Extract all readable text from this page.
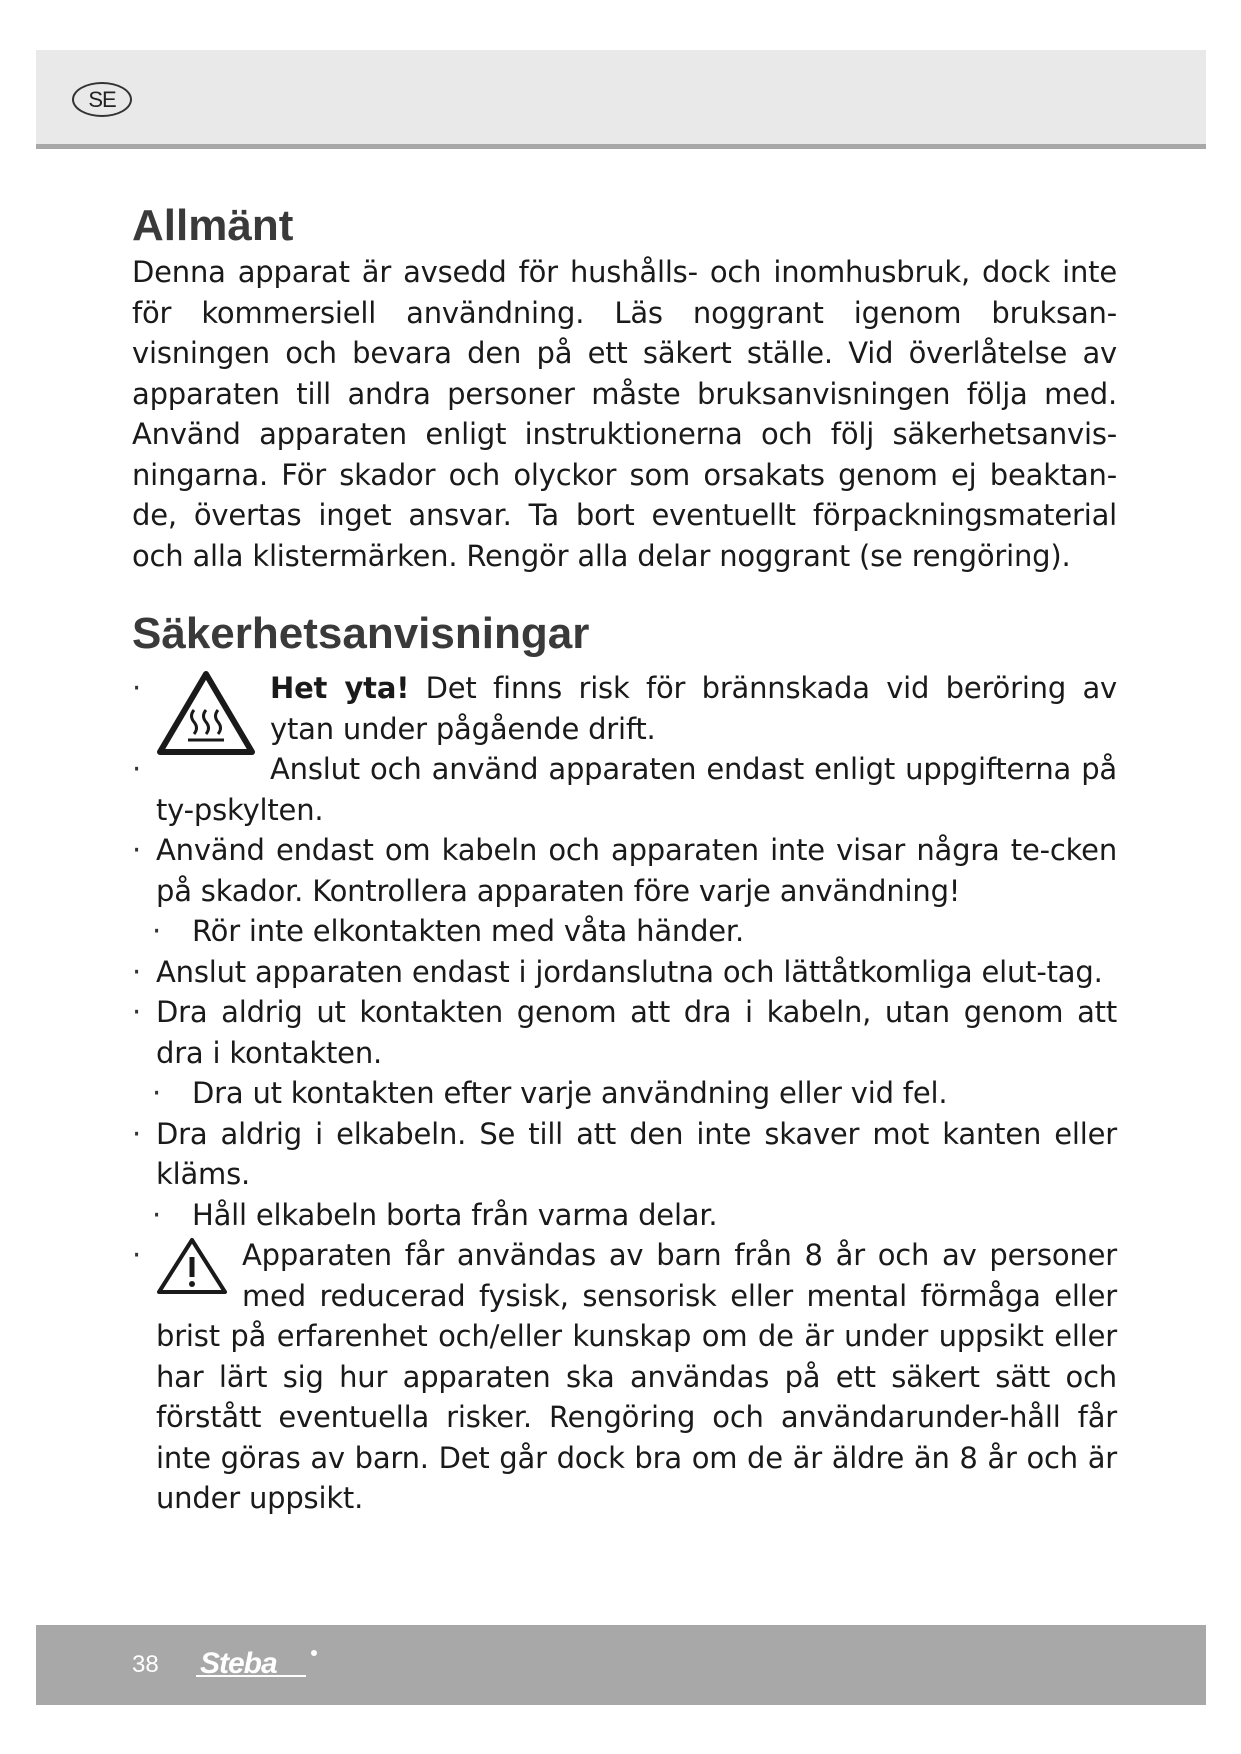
SE
Allmänt

Denna apparat är avsedd för hushålls- och inomhusbruk, dock inte för kommersiell användning. Läs noggrant igenom bruksan-visningen och bevara den på ett säkert ställe. Vid överlåtelse av apparaten till andra personer måste bruksanvisningen följa med. Använd apparaten enligt instruktionerna och följ säkerhetsanvis-ningarna. För skador och olyckor som orsakats genom ej beaktan-de, övertas inget ansvar. Ta bort eventuellt förpackningsmaterial och alla klistermärken. Rengör alla delar noggrant (se rengöring).

Säkerhetsanvisningar
· Het yta! Det finns risk för brännskada vid beröring av ytan under pågående drift.
· Anslut och använd apparaten endast enligt uppgifterna på ty-pskylten.
· Använd endast om kabeln och apparaten inte visar några te-cken på skador. Kontrollera apparaten före varje användning!
· Rör inte elkontakten med våta händer.
· Anslut apparaten endast i jordanslutna och lättåtkomliga elut-tag.
· Dra aldrig ut kontakten genom att dra i kabeln, utan genom att dra i kontakten.
· Dra ut kontakten efter varje användning eller vid fel.
· Dra aldrig i elkabeln. Se till att den inte skaver mot kanten eller kläms.
· Håll elkabeln borta från varma delar.
· Apparaten får användas av barn från 8 år och av personer med reducerad fysisk, sensorisk eller mental förmåga eller brist på erfarenhet och/eller kunskap om de är under uppsikt eller har lärt sig hur apparaten ska användas på ett säkert sätt och förstått eventuella risker. Rengöring och användarunder-håll får inte göras av barn. Det går dock bra om de är äldre än 8 år och är under uppsikt.
38 Steba
